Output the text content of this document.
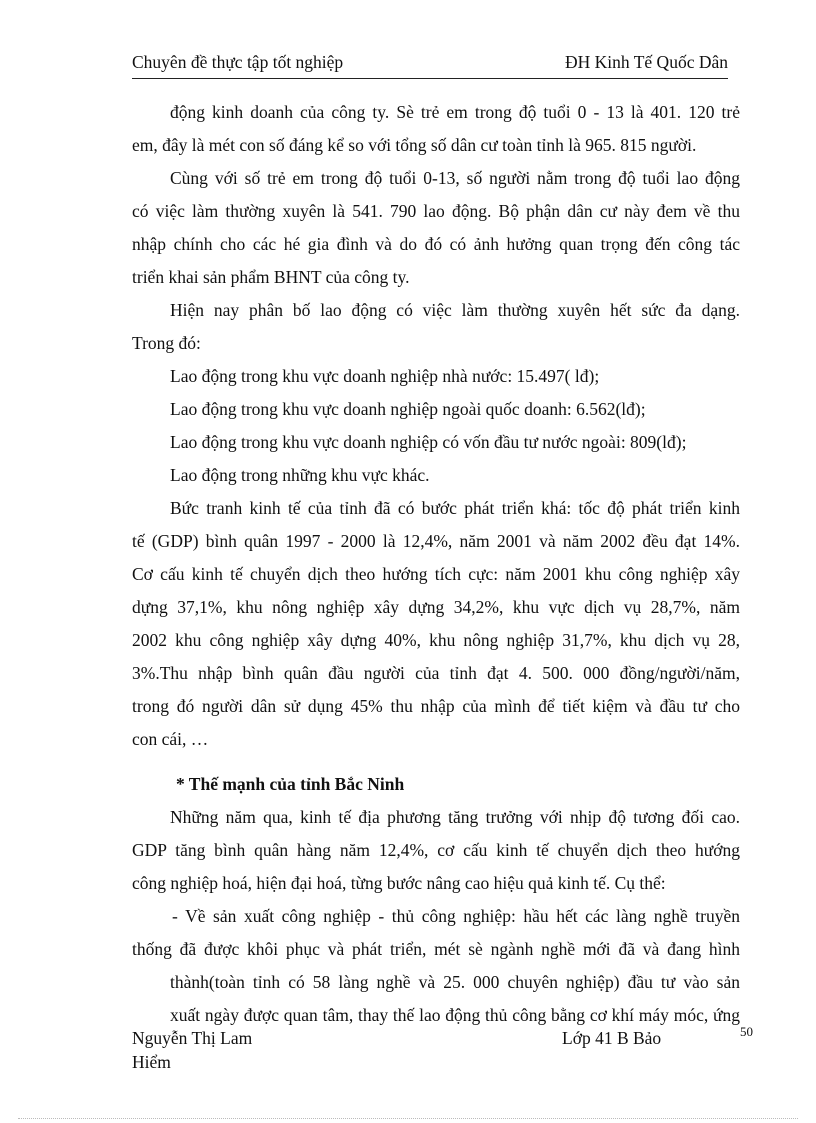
Chuyên đề thực tập tốt nghiệp	ĐH Kinh Tế Quốc Dân
động kinh doanh của công ty. Sè trẻ em trong độ tuổi 0 - 13 là 401. 120 trẻ
em, đây là mét con số đáng kể so với tổng số dân cư toàn tỉnh là 965. 815 người.
Cùng với số trẻ em trong độ tuổi 0-13, số người nằm trong độ tuổi lao động
có việc làm thường xuyên là 541. 790 lao động. Bộ phận dân cư này đem về thu
nhập chính cho các hé gia đình và do đó có ảnh hưởng quan trọng đến công tác
triển khai sản phẩm BHNT của công ty.
Hiện nay phân bố lao động có việc làm thường xuyên hết sức đa dạng.
Trong đó:
Lao động trong khu vực doanh nghiệp nhà nước: 15.497( lđ);
Lao động trong khu vực doanh nghiệp ngoài quốc doanh: 6.562(lđ);
Lao động trong khu vực doanh nghiệp có vốn đầu tư nước ngoài: 809(lđ);
Lao động trong những khu vực khác.
Bức tranh kinh tế của tỉnh đã có bước phát triển khá: tốc độ phát triển kinh
tế (GDP) bình quân 1997 - 2000 là 12,4%, năm 2001 và năm 2002 đều đạt 14%.
Cơ cấu kinh tế chuyển dịch theo hướng tích cực: năm 2001 khu công nghiệp xây
dựng 37,1%, khu nông nghiệp xây dựng 34,2%, khu vực dịch vụ 28,7%, năm
2002 khu công nghiệp xây dựng 40%, khu nông nghiệp 31,7%, khu dịch vụ 28,
3%.Thu nhập bình quân đầu người của tỉnh đạt 4. 500. 000 đồng/người/năm,
trong đó người dân sử dụng 45% thu nhập của mình để tiết kiệm và đầu tư cho
con cái, …
* Thế mạnh của tỉnh Bắc Ninh
Những năm qua, kinh tế địa phương tăng trưởng với nhịp độ tương đối cao.
GDP tăng bình quân hàng năm 12,4%, cơ cấu kinh tế chuyển dịch theo hướng
công nghiệp hoá, hiện đại hoá, từng bước nâng cao hiệu quả kinh tế. Cụ thể:
- Về sản xuất công nghiệp - thủ công nghiệp: hầu hết các làng nghề truyền
thống đã được khôi phục và phát triển, mét sè ngành nghề mới đã và đang hình
thành(toàn tỉnh có 58 làng nghề và 25. 000 chuyên nghiệp) đầu tư vào sản
xuất ngày được quan tâm, thay thế lao động thủ công bằng cơ khí máy móc, ứng
Nguyễn Thị Lam
Hiểm
Lớp 41 B Bảo	50
